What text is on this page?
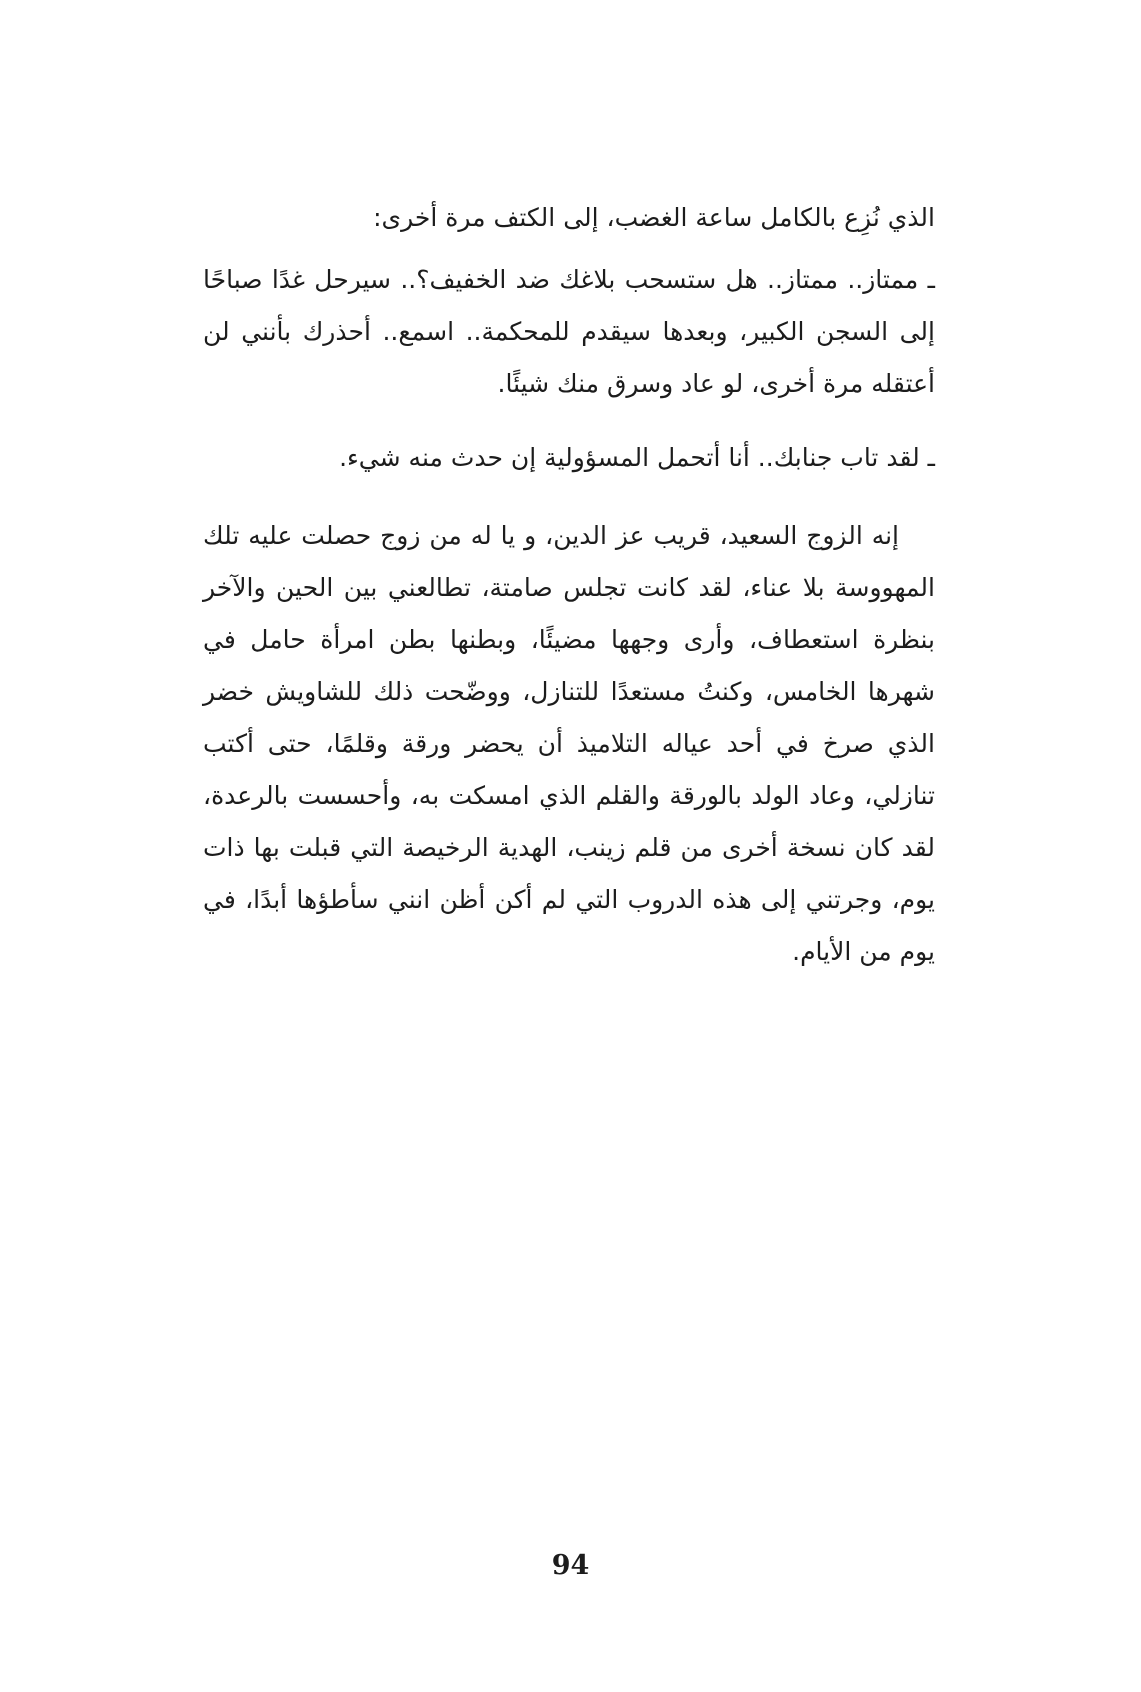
الذي نُزِع بالكامل ساعة الغضب، إلى الكتف مرة أخرى:

ـ ممتاز.. ممتاز.. هل ستسحب بلاغك ضد الخفيف؟.. سيرحل غدًا صباحًا إلى السجن الكبير، وبعدها سيقدم للمحكمة.. اسمع.. أحذرك بأنني لن أعتقله مرة أخرى، لو عاد وسرق منك شيئًا.

ـ لقد تاب جنابك.. أنا أتحمل المسؤولية إن حدث منه شيء.

إنه الزوج السعيد، قريب عز الدين، و يا له من زوج حصلت عليه تلك المهووسة بلا عناء، لقد كانت تجلس صامتة، تطالعني بين الحين والآخر بنظرة استعطاف، وأرى وجهها مضيئًا، وبطنها بطن امرأة حامل في شهرها الخامس، وكنتُ مستعدًا للتنازل، ووضّحت ذلك للشاويش خضر الذي صرخ في أحد عياله التلاميذ أن يحضر ورقة وقلمًا، حتى أكتب تنازلي، وعاد الولد بالورقة والقلم الذي امسكت به، وأحسست بالرعدة، لقد كان نسخة أخرى من قلم زينب، الهدية الرخيصة التي قبلت بها ذات يوم، وجرتني إلى هذه الدروب التي لم أكن أظن انني سأطؤها أبدًا، في يوم من الأيام.

94
